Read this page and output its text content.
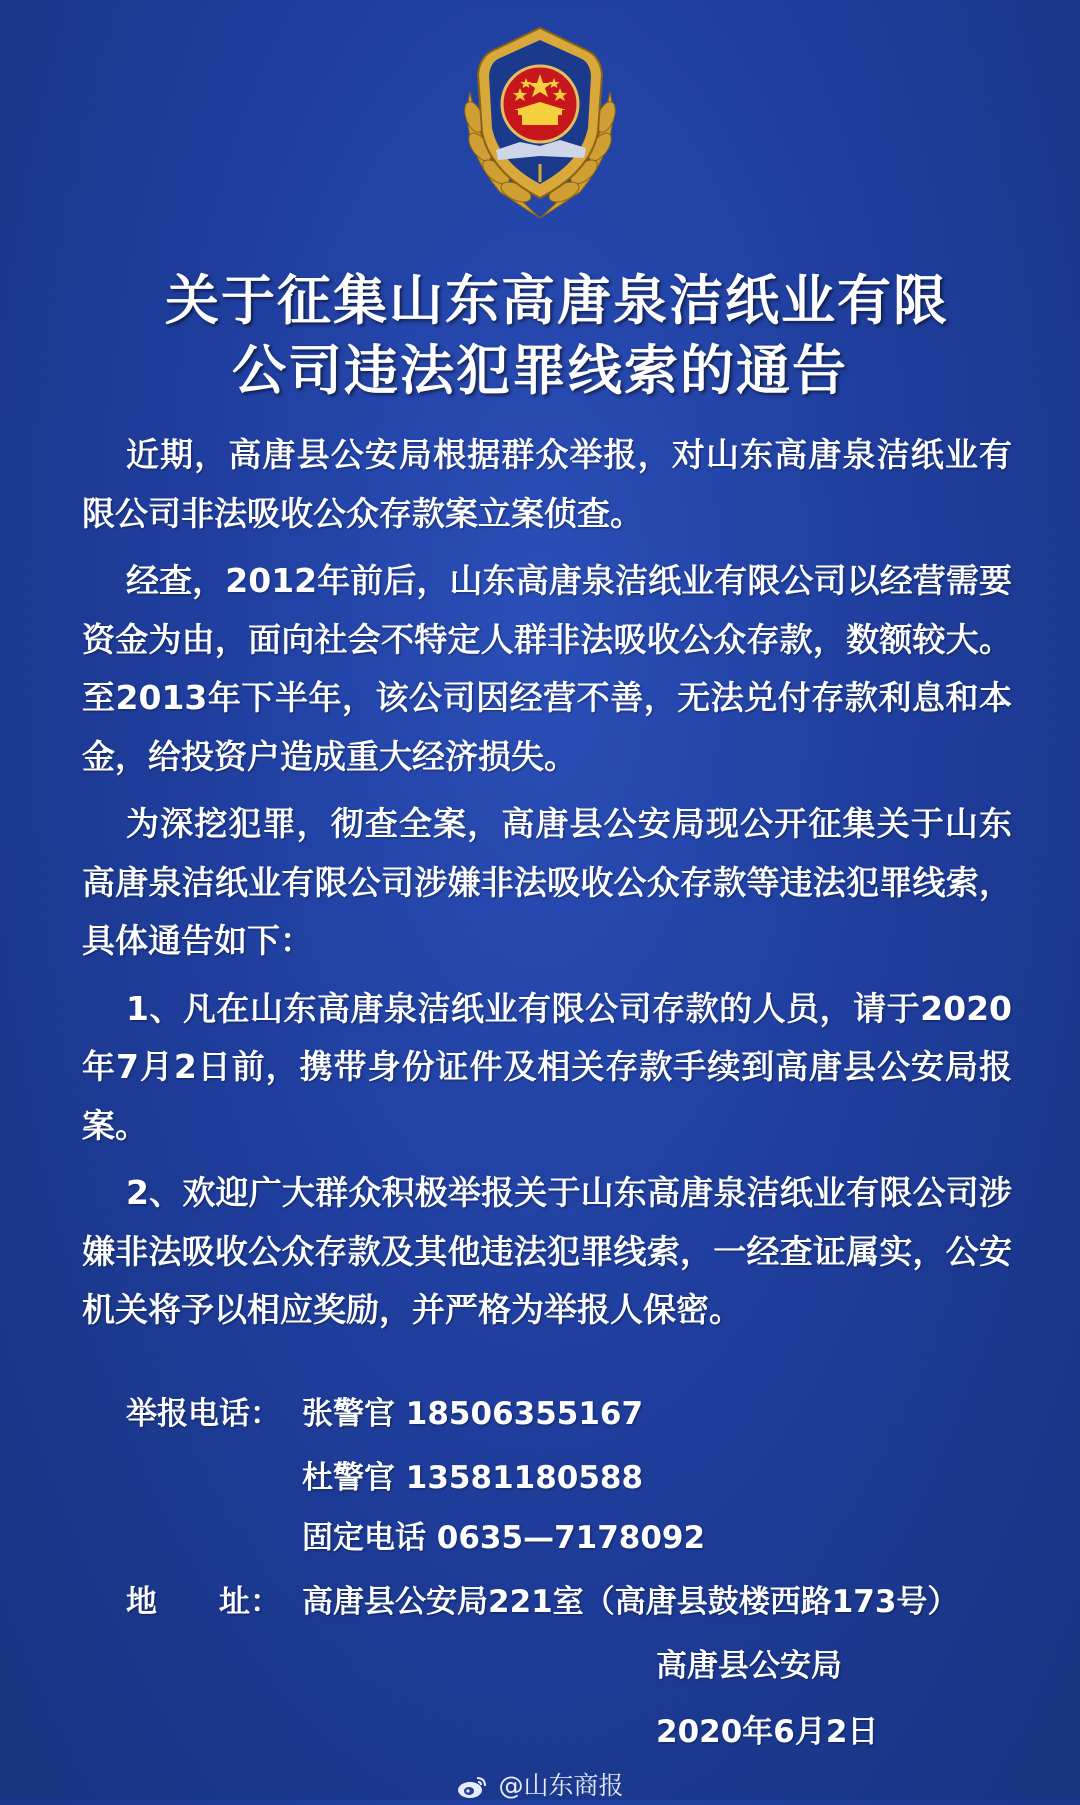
关于征集山东高唐泉洁纸业有限
公司违法犯罪线索的通告

近期，高唐县公安局根据群众举报，对山东高唐泉洁纸业有限公司非法吸收公众存款案立案侦查。

经查，2012年前后，山东高唐泉洁纸业有限公司以经营需要资金为由，面向社会不特定人群非法吸收公众存款，数额较大。至2013年下半年，该公司因经营不善，无法兑付存款利息和本金，给投资户造成重大经济损失。

为深挖犯罪，彻查全案，高唐县公安局现公开征集关于山东高唐泉洁纸业有限公司涉嫌非法吸收公众存款等违法犯罪线索，具体通告如下：

1、凡在山东高唐泉洁纸业有限公司存款的人员，请于2020年7月2日前，携带身份证件及相关存款手续到高唐县公安局报案。

2、欢迎广大群众积极举报关于山东高唐泉洁纸业有限公司涉嫌非法吸收公众存款及其他违法犯罪线索，一经查证属实，公安机关将予以相应奖励，并严格为举报人保密。

举报电话： 张警官 18506355167
杜警官 13581180588
固定电话 0635—7178092
地　　址： 高唐县公安局221室（高唐县鼓楼西路173号）
高唐县公安局
2020年6月2日
@山东商报
